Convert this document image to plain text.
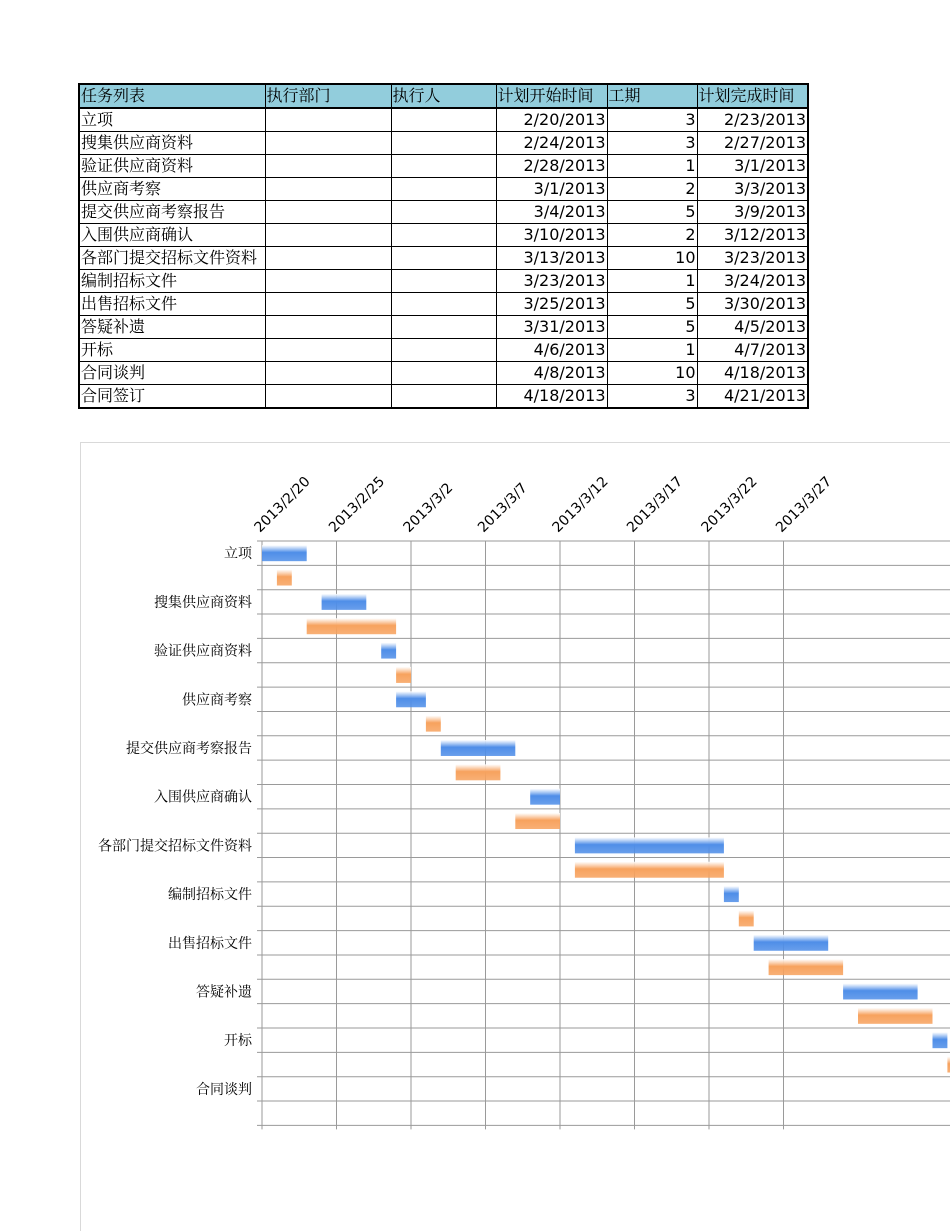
任务列表	执行部门	执行人	计划开始时间	工期	计划完成时间
立项			2/20/2013	3	2/23/2013
搜集供应商资料			2/24/2013	3	2/27/2013
验证供应商资料			2/28/2013	1	3/1/2013
供应商考察			3/1/2013	2	3/3/2013
提交供应商考察报告			3/4/2013	5	3/9/2013
入围供应商确认			3/10/2013	2	3/12/2013
各部门提交招标文件资料			3/13/2013	10	3/23/2013
编制招标文件			3/23/2013	1	3/24/2013
出售招标文件			3/25/2013	5	3/30/2013
答疑补遗			3/31/2013	5	4/5/2013
开标			4/6/2013	1	4/7/2013
合同谈判			4/8/2013	10	4/18/2013
合同签订			4/18/2013	3	4/21/2013
2013/2/20 2013/2/25 2013/3/2 2013/3/7 2013/3/12 2013/3/17 2013/3/22 2013/3/27
立项
搜集供应商资料
验证供应商资料
供应商考察
提交供应商考察报告
入围供应商确认
各部门提交招标文件资料
编制招标文件
出售招标文件
答疑补遗
开标
合同谈判
